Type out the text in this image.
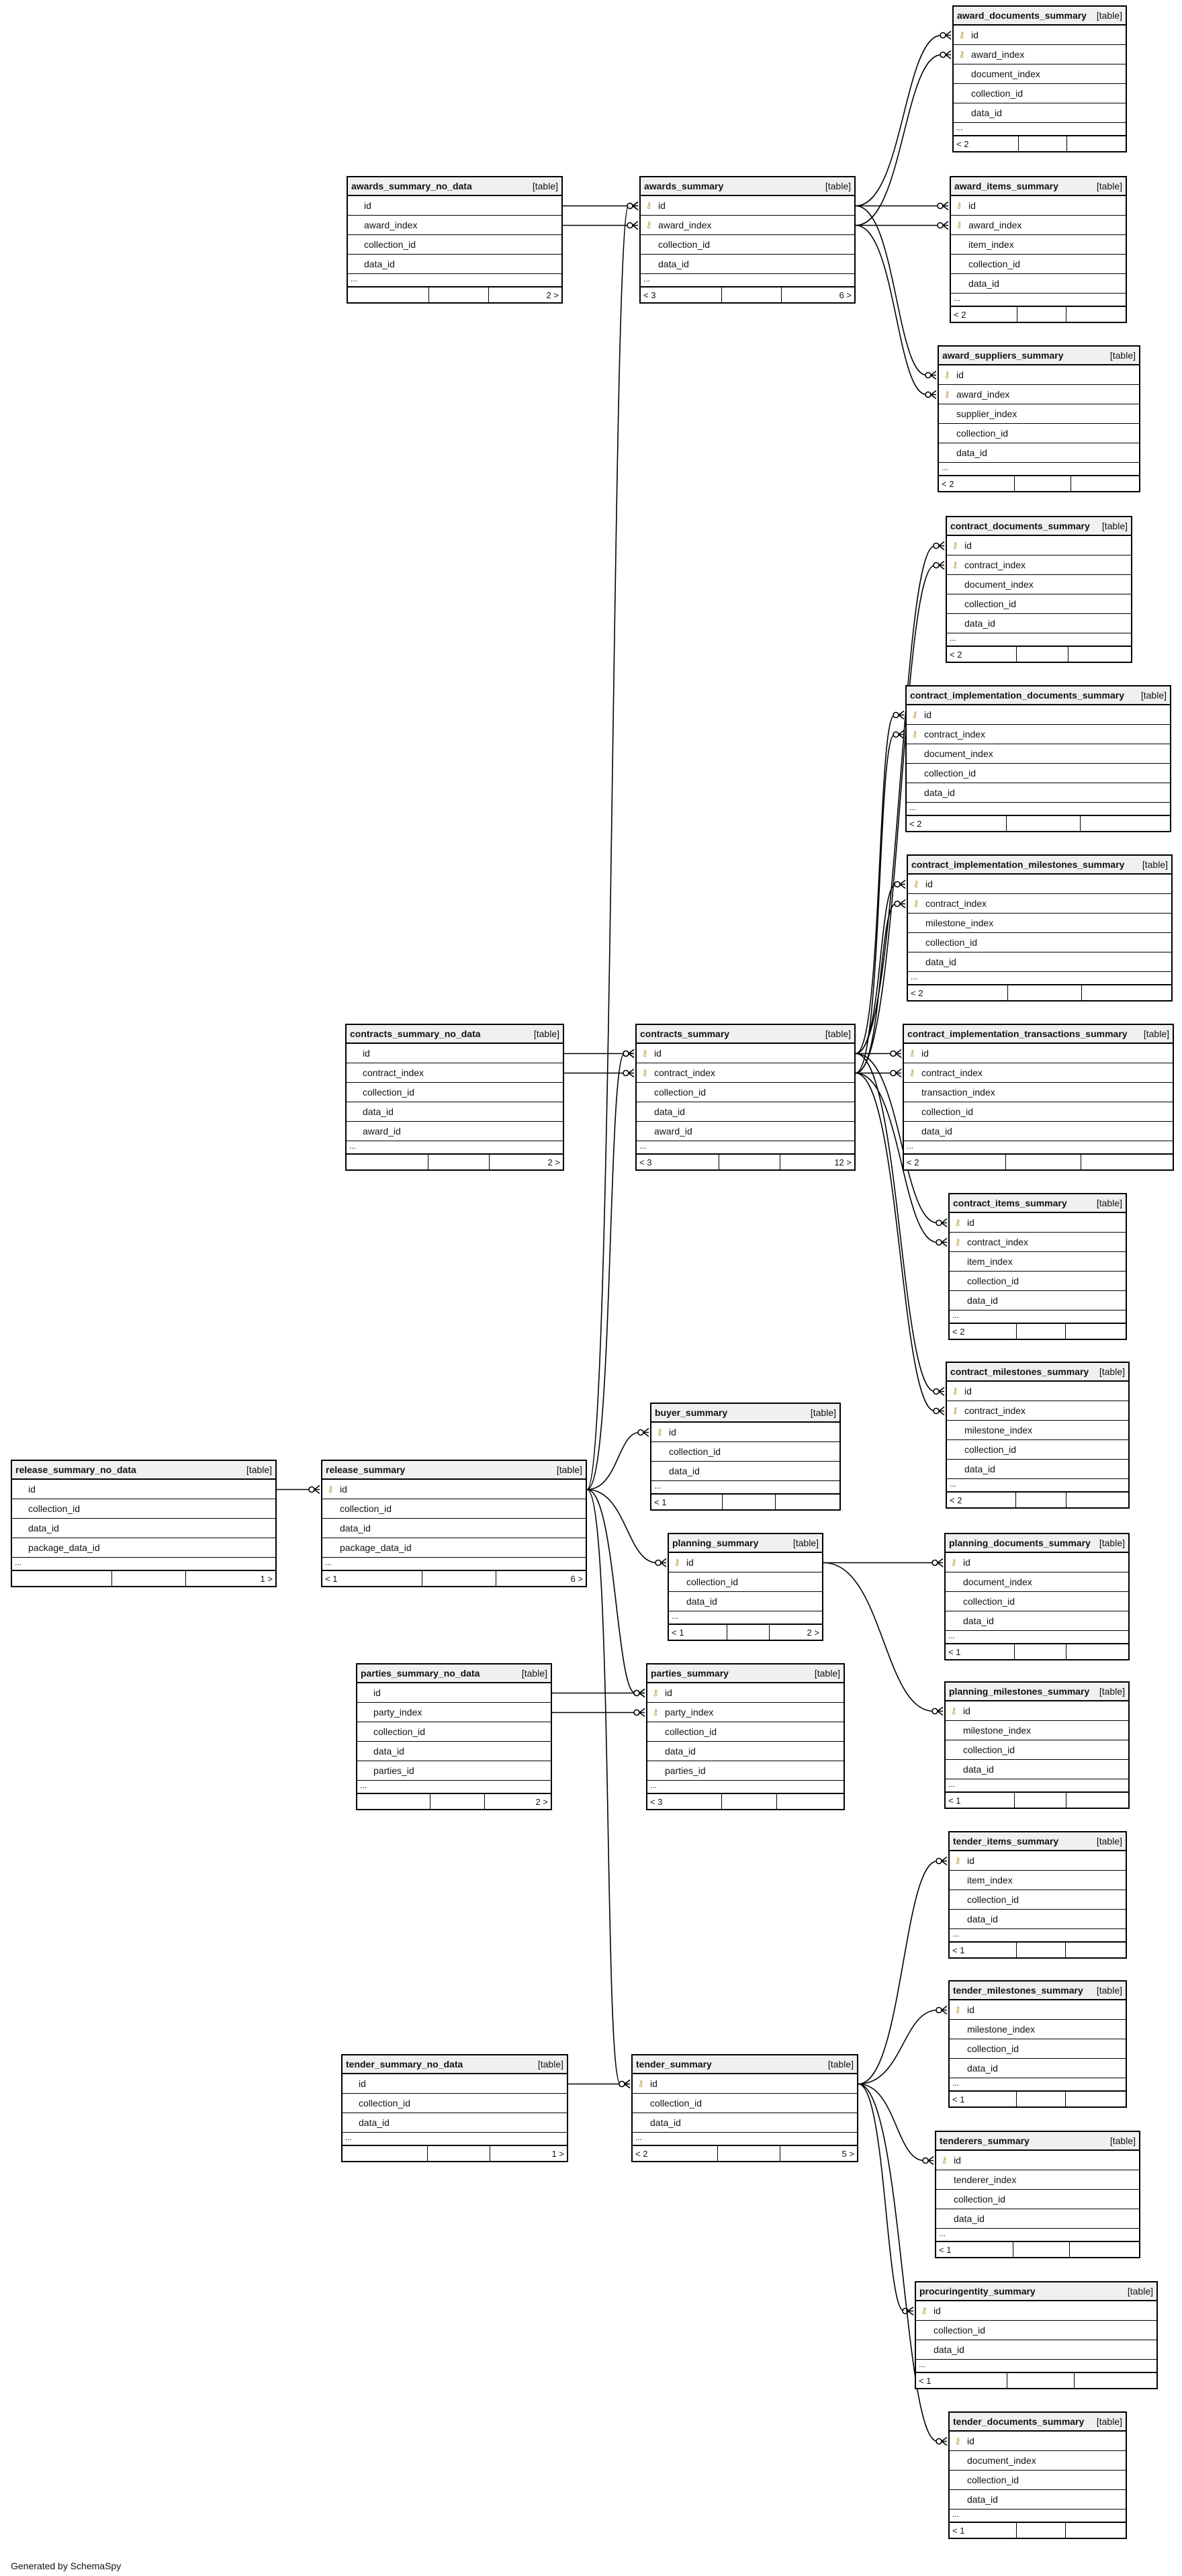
release_summary_no_data	[table]
id
collection_id
data_id
package_data_id
...
1 >
release_summary	[table]
⚷ id
collection_id
data_id
package_data_id
...
< 1	6 >
awards_summary_no_data	[table]
id
award_index
collection_id
data_id
...
2 >
awards_summary	[table]
⚷ id
⚷ award_index
collection_id
data_id
...
< 3	6 >
award_documents_summary [table]
⚷ id
⚷ award_index
document_index
collection_id
data_id
...
< 2
award_items_summary	[table]
⚷ id
⚷ award_index
item_index
collection_id
data_id
...
< 2
award_suppliers_summary	[table]
⚷ id
⚷ award_index
supplier_index
collection_id
data_id
...
< 2
contract_documents_summary [table]
⚷ id
⚷ contract_index
document_index
collection_id
data_id
...
< 2
contract_implementation_documents_summary [table]
⚷ id
⚷ contract_index
document_index
collection_id
data_id
...
< 2
contract_implementation_milestones_summary [table]
⚷ id
⚷ contract_index
milestone_index
collection_id
data_id
...
< 2
contract_implementation_transactions_summary [table]
⚷ id
⚷ contract_index
transaction_index
collection_id
data_id
...
< 2
contracts_summary_no_data	[table]
id
contract_index
collection_id
data_id
award_id
...
2 >
contracts_summary	[table]
⚷ id
⚷ contract_index
collection_id
data_id
award_id
...
< 3	12 >
contract_items_summary	[table]
⚷ id
⚷ contract_index
item_index
collection_id
data_id
...
< 2
contract_milestones_summary [table]
⚷ id
⚷ contract_index
milestone_index
collection_id
data_id
...
< 2
buyer_summary	[table]
⚷ id
collection_id
data_id
...
< 1
planning_summary	[table]
⚷ id
collection_id
data_id
...
< 1	2 >
planning_documents_summary [table]
⚷ id
document_index
collection_id
data_id
...
< 1
planning_milestones_summary [table]
⚷ id
milestone_index
collection_id
data_id
...
< 1
parties_summary_no_data	[table]
id
party_index
collection_id
data_id
parties_id
...
2 >
parties_summary	[table]
⚷ id
⚷ party_index
collection_id
data_id
parties_id
...
< 3
tender_items_summary	[table]
⚷ id
item_index
collection_id
data_id
...
< 1
tender_milestones_summary [table]
⚷ id
milestone_index
collection_id
data_id
...
< 1
tender_summary_no_data	[table]
id
collection_id
data_id
...
1 >
tender_summary	[table]
⚷ id
collection_id
data_id
...
< 2	5 >
tenderers_summary	[table]
⚷ id
tenderer_index
collection_id
data_id
...
< 1
procuringentity_summary	[table]
⚷ id
collection_id
data_id
...
< 1
tender_documents_summary [table]
⚷ id
document_index
collection_id
data_id
...
< 1
Generated by SchemaSpy
